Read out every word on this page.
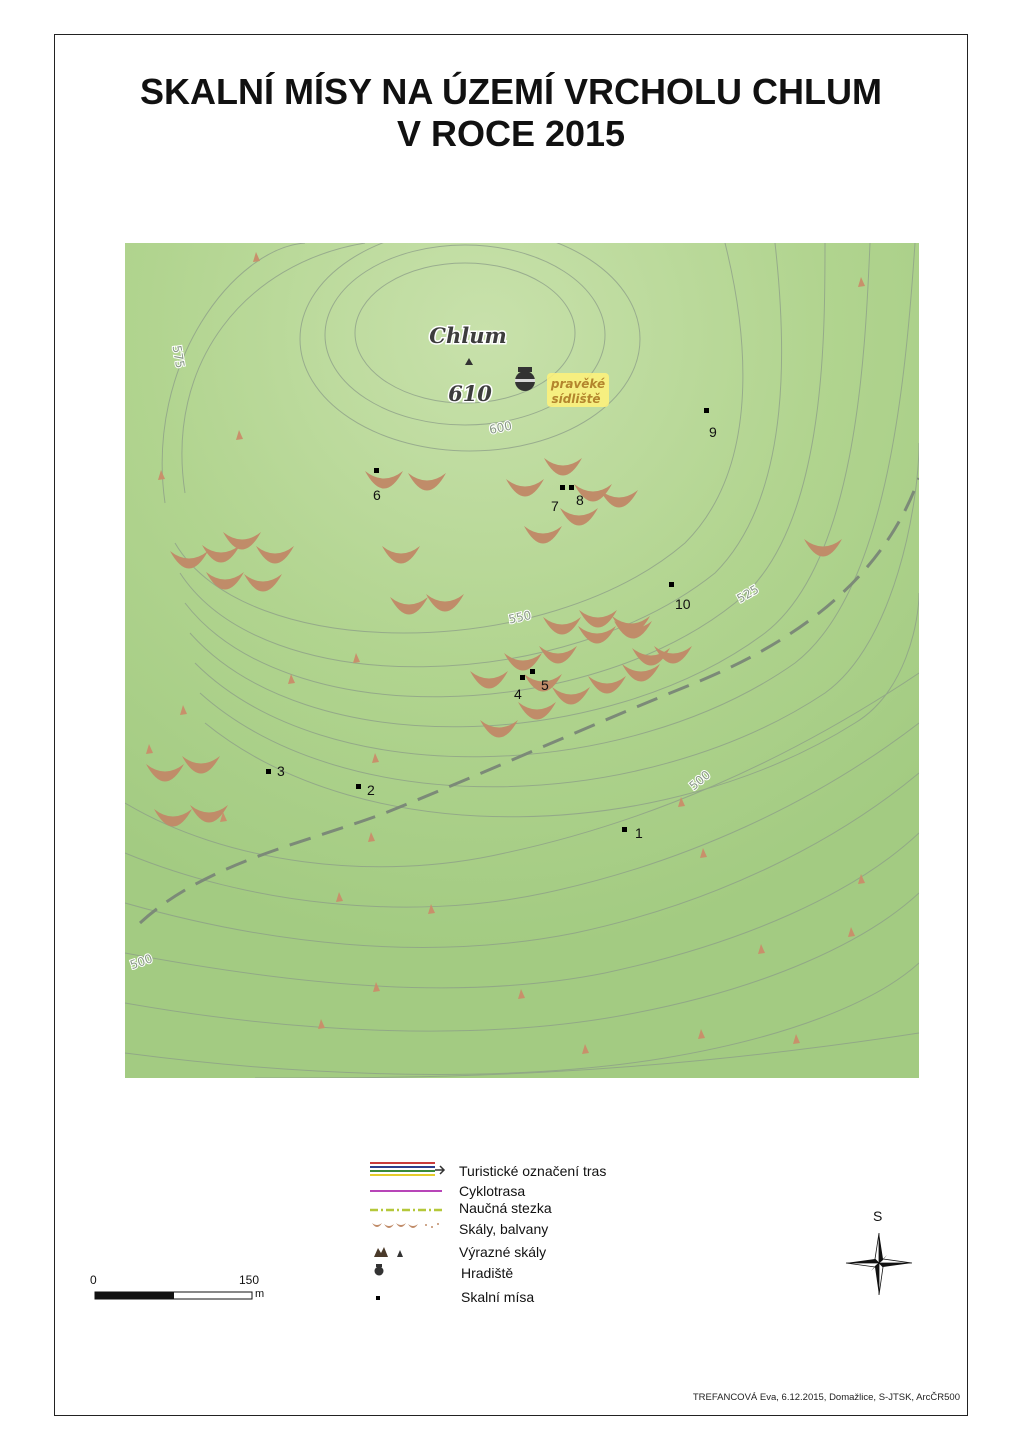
SKALNÍ MÍSY NA ÚZEMÍ VRCHOLU CHLUM
V ROCE 2015
Chlum
610	pravěké
sídliště
600
575
550
525
500
500
9
6
7 8
10
4
5
3
2
1
Turistické označení tras
Cyklotrasa
Naučná stezka
Skály, balvany
Výrazné skály
Hradiště
Skalní mísa
0	150
m
S
TREFANCOVÁ Eva, 6.12.2015, Domažlice, S-JTSK, ArcČR500
